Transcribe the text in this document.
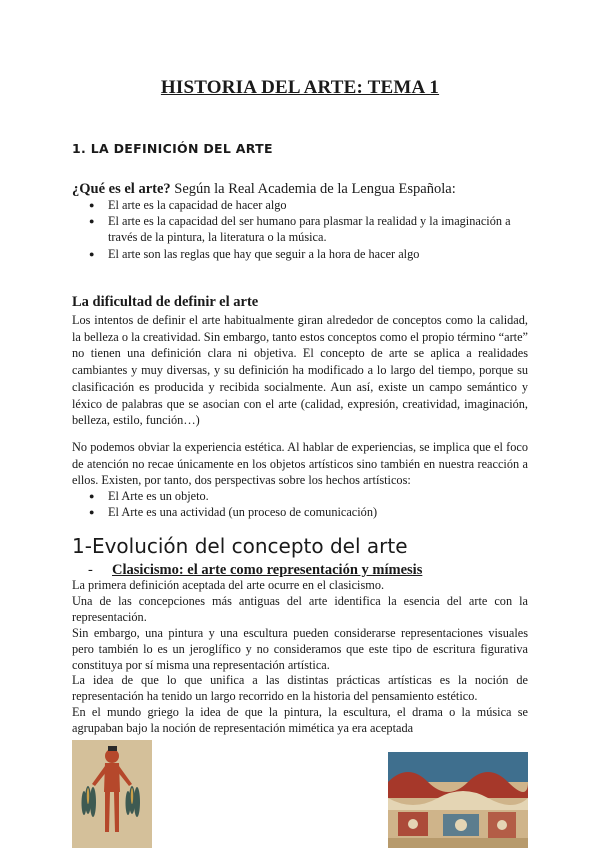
HISTORIA DEL ARTE: TEMA 1
1. LA DEFINICIÓN DEL ARTE
¿Qué es el arte? Según la Real Academia de la Lengua Española:
● El arte es la capacidad de hacer algo
● El arte es la capacidad del ser humano para plasmar la realidad y la imaginación a través de la pintura, la literatura o la música.
● El arte son las reglas que hay que seguir a la hora de hacer algo
La dificultad de definir el arte

Los intentos de definir el arte habitualmente giran alrededor de conceptos como la calidad, la belleza o la creatividad. Sin embargo, tanto estos conceptos como el propio término “arte” no tienen una definición clara ni objetiva. El concepto de arte se aplica a realidades cambiantes y muy diversas, y su definición ha modificado a lo largo del tiempo, porque su clasificación es producida y recibida socialmente. Aun así, existe un campo semántico y léxico de palabras que se asocian con el arte (calidad, expresión, creatividad, imaginación, belleza, estilo, función…)

No podemos obviar la experiencia estética. Al hablar de experiencias, se implica que el foco de atención no recae únicamente en los objetos artísticos sino también en nuestra reacción a ellos. Existen, por tanto, dos perspectivas sobre los hechos artísticos:

● El Arte es un objeto.
● El Arte es una actividad (un proceso de comunicación)
1-Evolución del concepto del arte
- Clasicismo: el arte como representación y mímesis

La primera definición aceptada del arte ocurre en el clasicismo.

Una de las concepciones más antiguas del arte identifica la esencia del arte con la representación.

Sin embargo, una pintura y una escultura pueden considerarse representaciones visuales pero también lo es un jeroglífico y no consideramos que este tipo de escritura figurativa constituya por sí misma una representación artística.

La idea de que lo que unifica a las distintas prácticas artísticas es la noción de representación ha tenido un largo recorrido en la historia del pensamiento estético.

En el mundo griego la idea de que la pintura, la escultura, el drama o la música se agrupaban bajo la noción de representación mimética ya era aceptada
